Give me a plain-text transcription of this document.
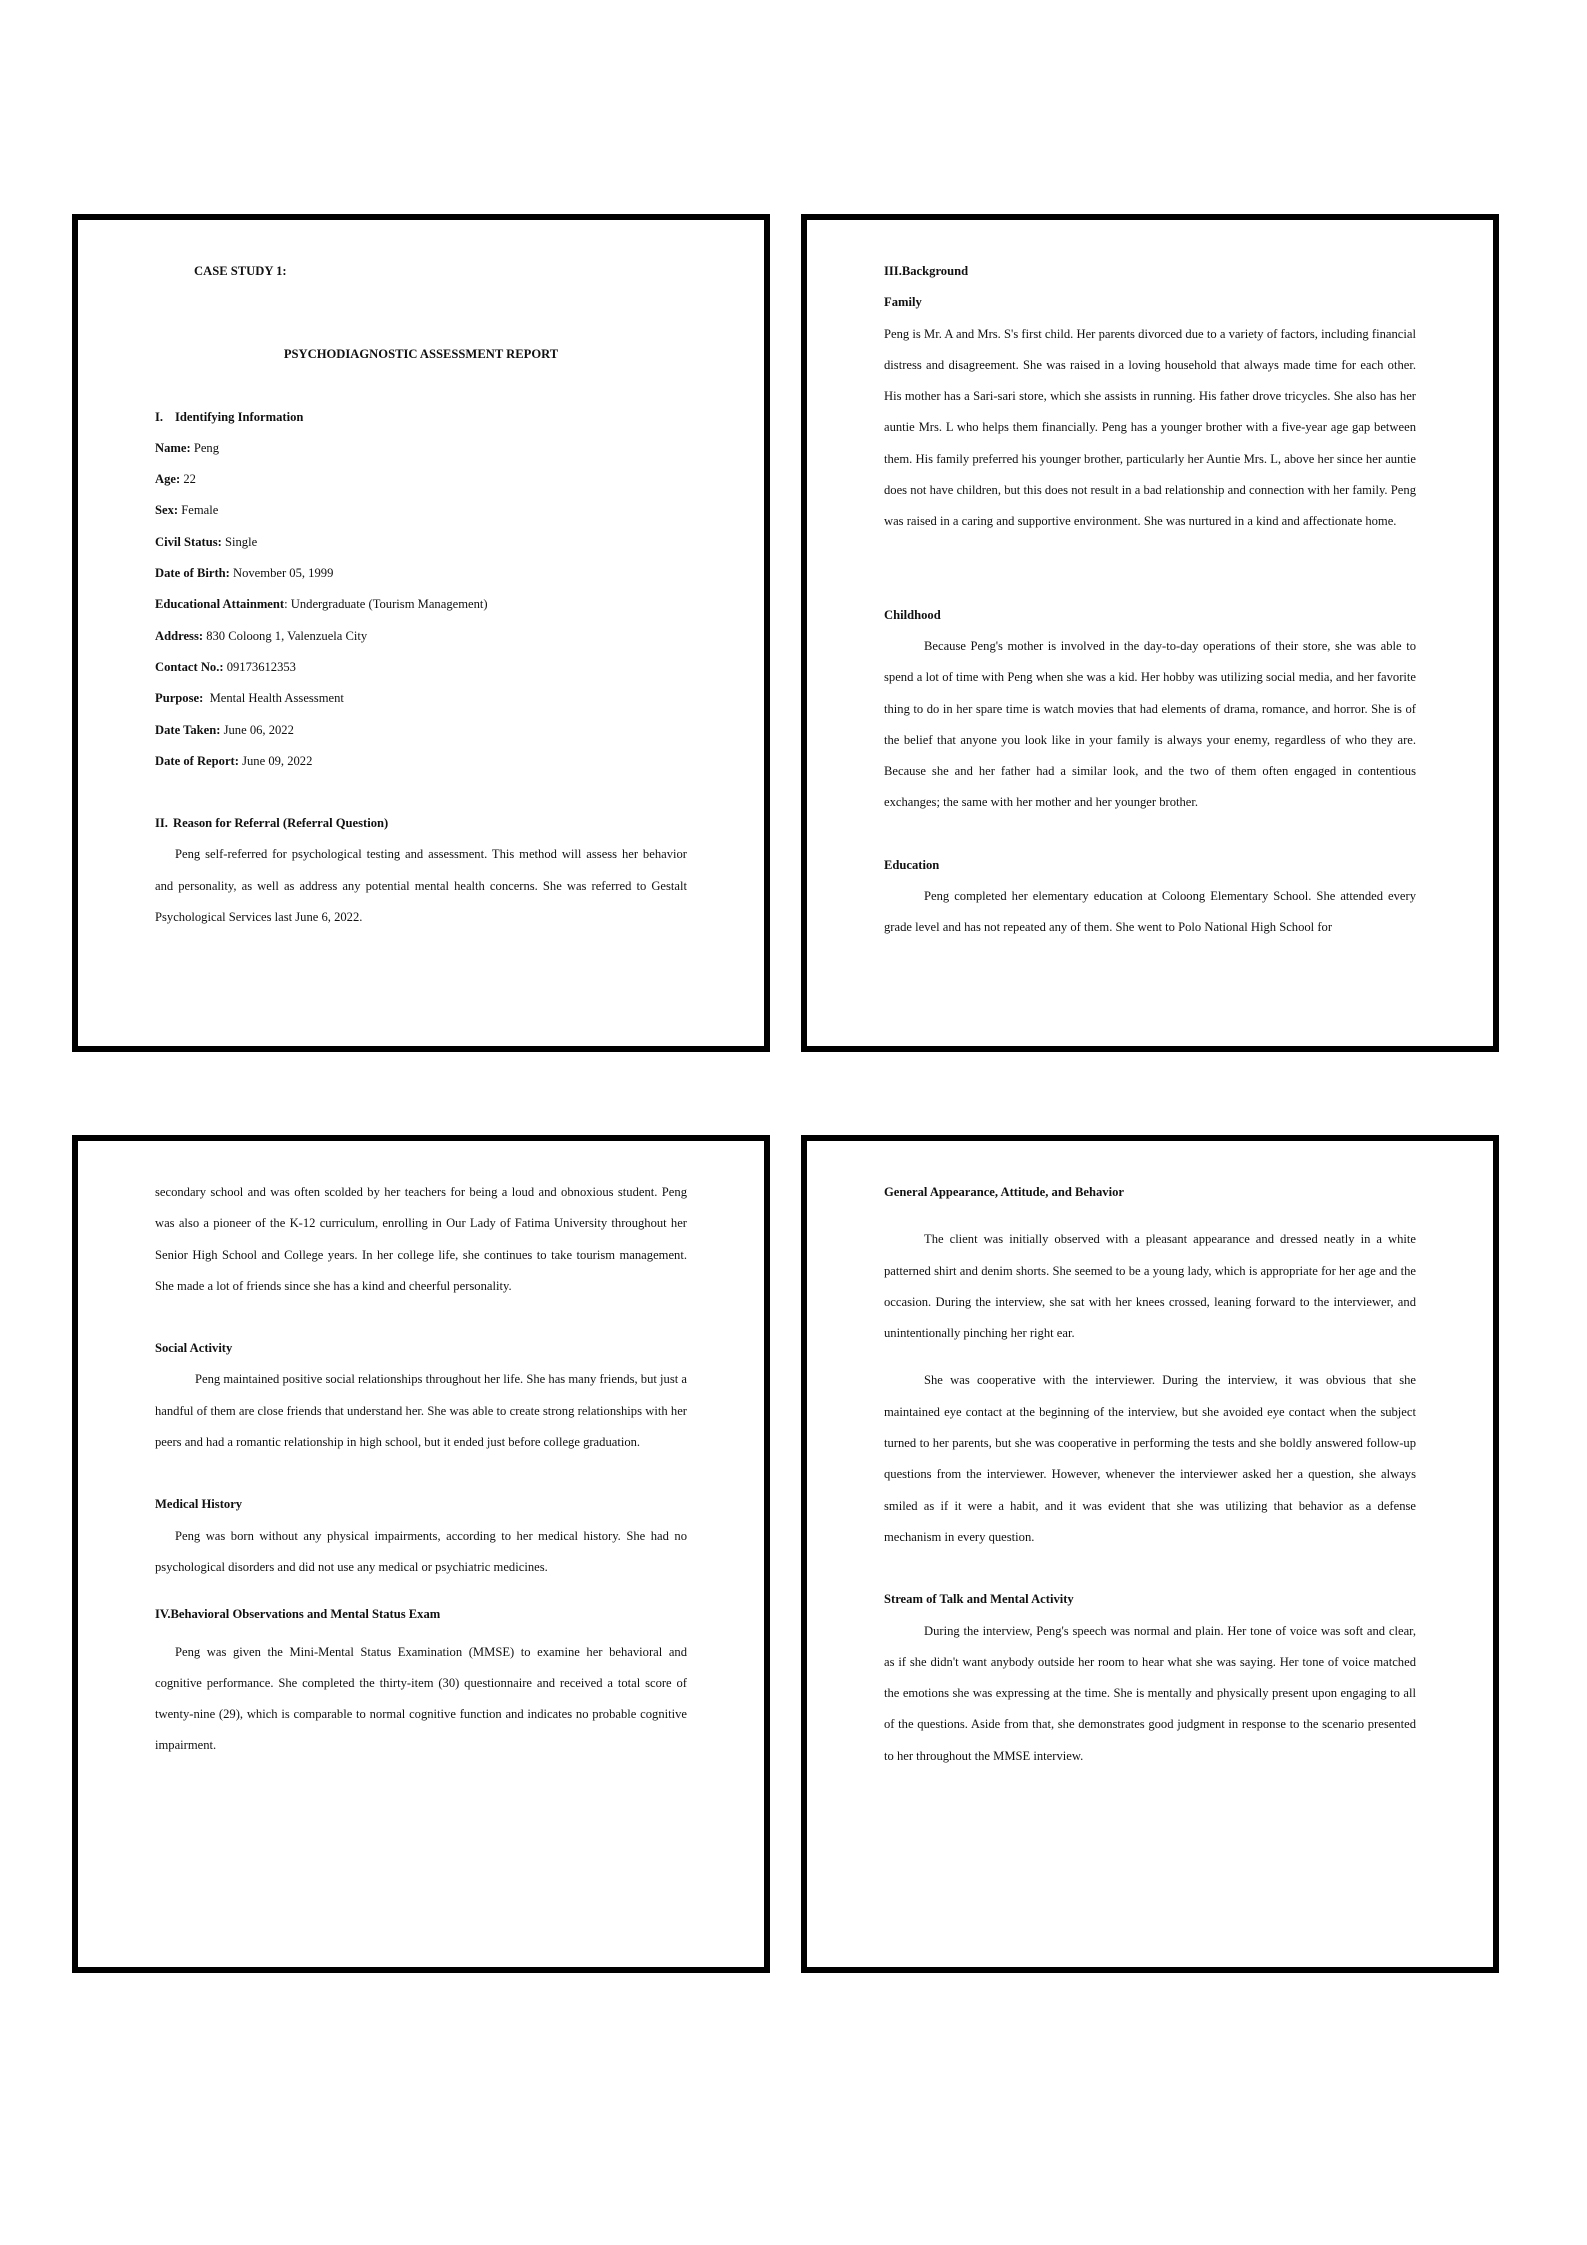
CASE STUDY 1:

PSYCHODIAGNOSTIC ASSESSMENT REPORT

I. Identifying Information

Name: Peng

Age: 22

Sex: Female

Civil Status: Single

Date of Birth: November 05, 1999

Educational Attainment: Undergraduate (Tourism Management)

Address: 830 Coloong 1, Valenzuela City

Contact No.: 09173612353

Purpose:  Mental Health Assessment

Date Taken: June 06, 2022

Date of Report: June 09, 2022

II. Reason for Referral (Referral Question)

Peng self-referred for psychological testing and assessment. This method will assess her behavior and personality, as well as address any potential mental health concerns. She was referred to Gestalt Psychological Services last June 6, 2022.

III.Background

Family

Peng is Mr. A and Mrs. S's first child. Her parents divorced due to a variety of factors, including financial distress and disagreement. She was raised in a loving household that always made time for each other. His mother has a Sari-sari store, which she assists in running. His father drove tricycles. She also has her auntie Mrs. L who helps them financially. Peng has a younger brother with a five-year age gap between them. His family preferred his younger brother, particularly her Auntie Mrs. L, above her since her auntie does not have children, but this does not result in a bad relationship and connection with her family. Peng was raised in a caring and supportive environment. She was nurtured in a kind and affectionate home.

Childhood

Because Peng's mother is involved in the day-to-day operations of their store, she was able to spend a lot of time with Peng when she was a kid. Her hobby was utilizing social media, and her favorite thing to do in her spare time is watch movies that had elements of drama, romance, and horror. She is of the belief that anyone you look like in your family is always your enemy, regardless of who they are. Because she and her father had a similar look, and the two of them often engaged in contentious exchanges; the same with her mother and her younger brother.

Education

Peng completed her elementary education at Coloong Elementary School. She attended every grade level and has not repeated any of them. She went to Polo National High School for

secondary school and was often scolded by her teachers for being a loud and obnoxious student. Peng was also a pioneer of the K-12 curriculum, enrolling in Our Lady of Fatima University throughout her Senior High School and College years. In her college life, she continues to take tourism management. She made a lot of friends since she has a kind and cheerful personality.

Social Activity

Peng maintained positive social relationships throughout her life. She has many friends, but just a handful of them are close friends that understand her. She was able to create strong relationships with her peers and had a romantic relationship in high school, but it ended just before college graduation.

Medical History

Peng was born without any physical impairments, according to her medical history. She had no psychological disorders and did not use any medical or psychiatric medicines.

IV.Behavioral Observations and Mental Status Exam

Peng was given the Mini-Mental Status Examination (MMSE) to examine her behavioral and cognitive performance. She completed the thirty-item (30) questionnaire and received a total score of twenty-nine (29), which is comparable to normal cognitive function and indicates no probable cognitive impairment.

General Appearance, Attitude, and Behavior

The client was initially observed with a pleasant appearance and dressed neatly in a white patterned shirt and denim shorts. She seemed to be a young lady, which is appropriate for her age and the occasion. During the interview, she sat with her knees crossed, leaning forward to the interviewer, and unintentionally pinching her right ear.

She was cooperative with the interviewer. During the interview, it was obvious that she maintained eye contact at the beginning of the interview, but she avoided eye contact when the subject turned to her parents, but she was cooperative in performing the tests and she boldly answered follow-up questions from the interviewer. However, whenever the interviewer asked her a question, she always smiled as if it were a habit, and it was evident that she was utilizing that behavior as a defense mechanism in every question.

Stream of Talk and Mental Activity

During the interview, Peng's speech was normal and plain. Her tone of voice was soft and clear, as if she didn't want anybody outside her room to hear what she was saying. Her tone of voice matched the emotions she was expressing at the time. She is mentally and physically present upon engaging to all of the questions. Aside from that, she demonstrates good judgment in response to the scenario presented to her throughout the MMSE interview.
